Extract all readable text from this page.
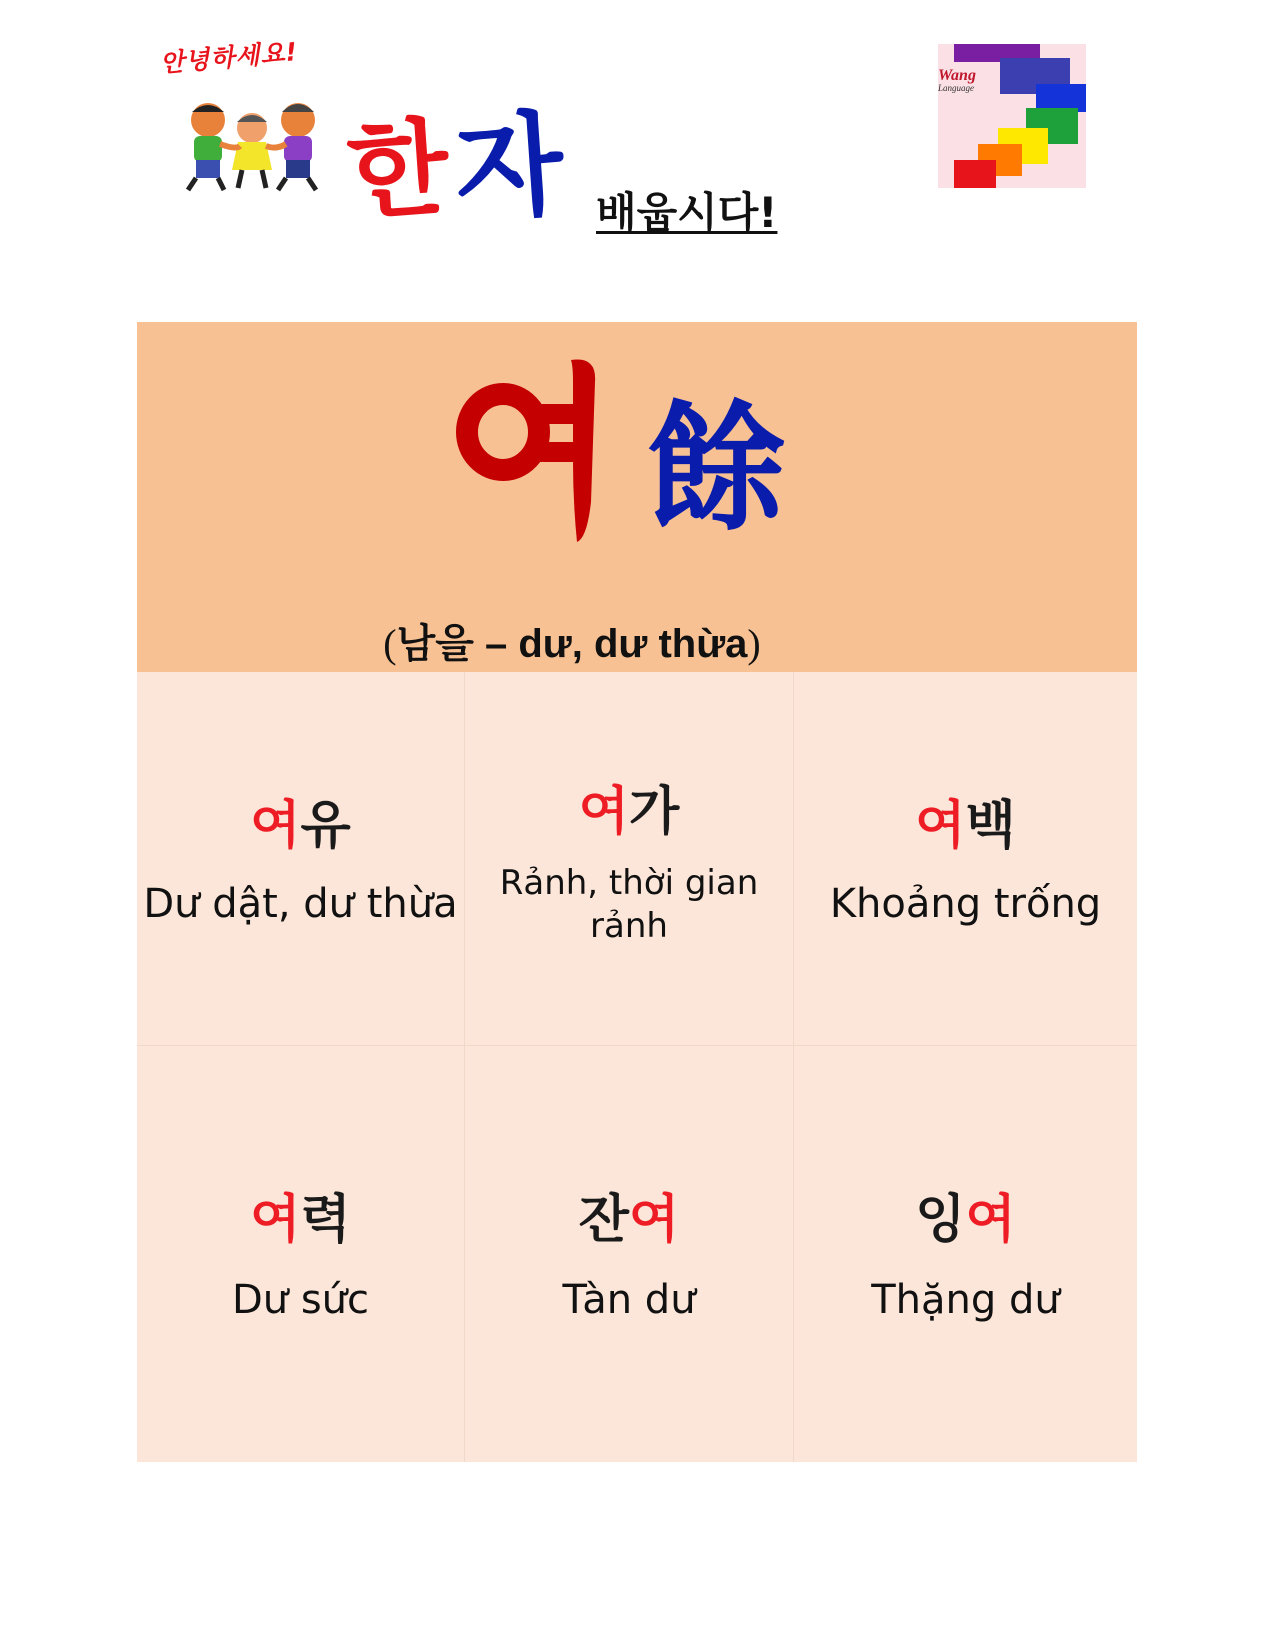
안녕하세요!
한
자 배웁시다!
Wang
Language
餘
(남을 – dư, dư thừa)
여유
Dư dật, dư thừa
여가
Rảnh, thời gian rảnh
여백
Khoảng trống
여력
Dư sức
잔여
Tàn dư
잉여
Thặng dư
